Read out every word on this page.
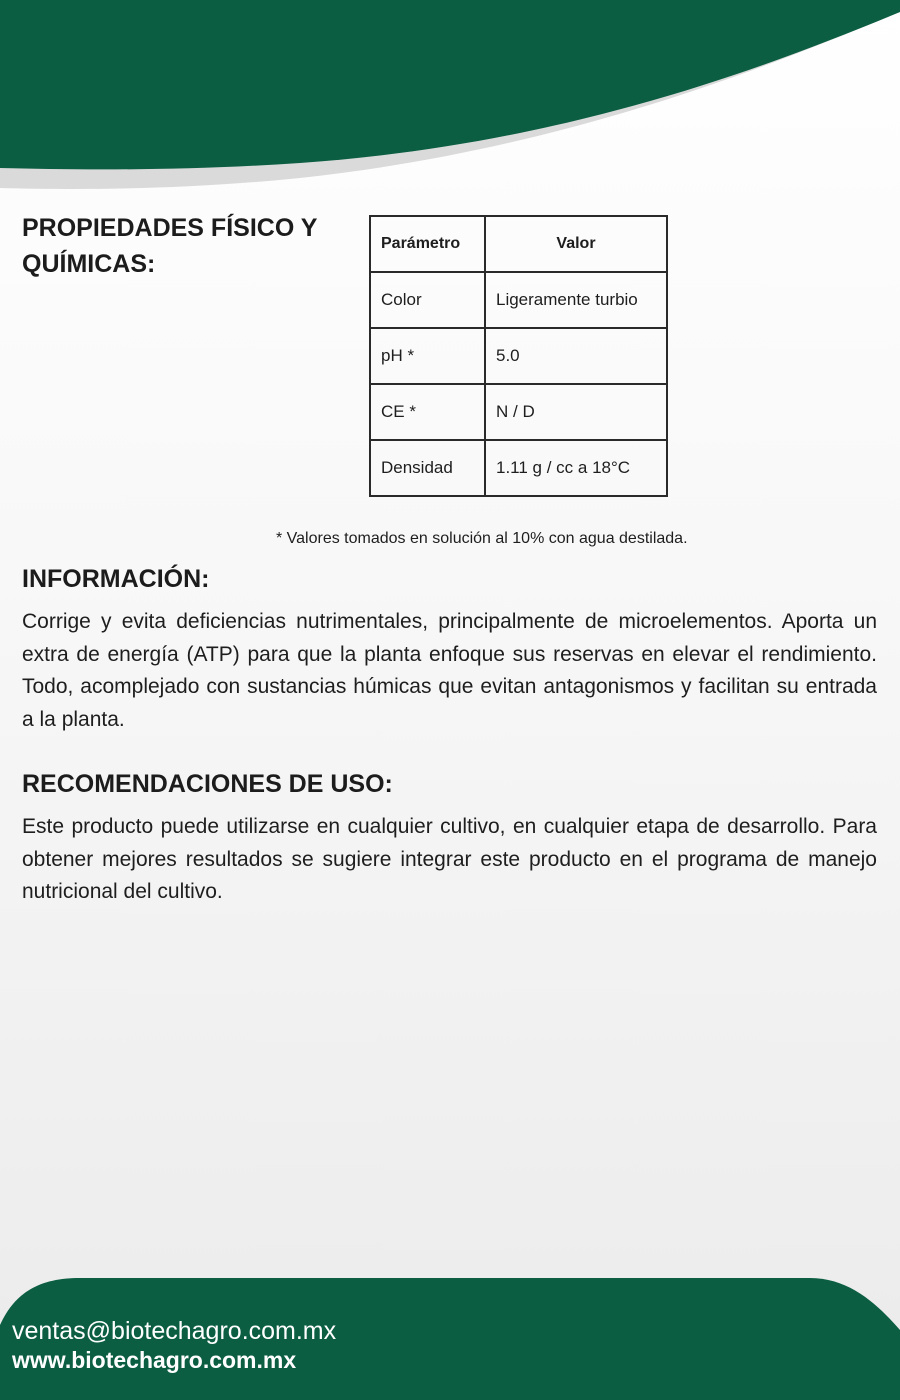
PROPIEDADES FÍSICO Y QUÍMICAS:
Parámetro	Valor
Color	Ligeramente turbio
pH *	5.0
CE *	N / D
Densidad	1.11 g / cc a 18°C

* Valores tomados en solución al 10% con agua destilada.

INFORMACIÓN:

Corrige y evita deficiencias nutrimentales, principalmente de microelementos. Aporta un extra de energía (ATP) para que la planta enfoque sus reservas en elevar el rendimiento. Todo, acomplejado con sustancias húmicas que evitan antagonismos y facilitan su entrada a la planta.

RECOMENDACIONES DE USO:

Este producto puede utilizarse en cualquier cultivo, en cualquier etapa de desarrollo. Para obtener mejores resultados se sugiere integrar este producto en el programa de manejo nutricional del cultivo.

ventas@biotechagro.com.mx

www.biotechagro.com.mx
